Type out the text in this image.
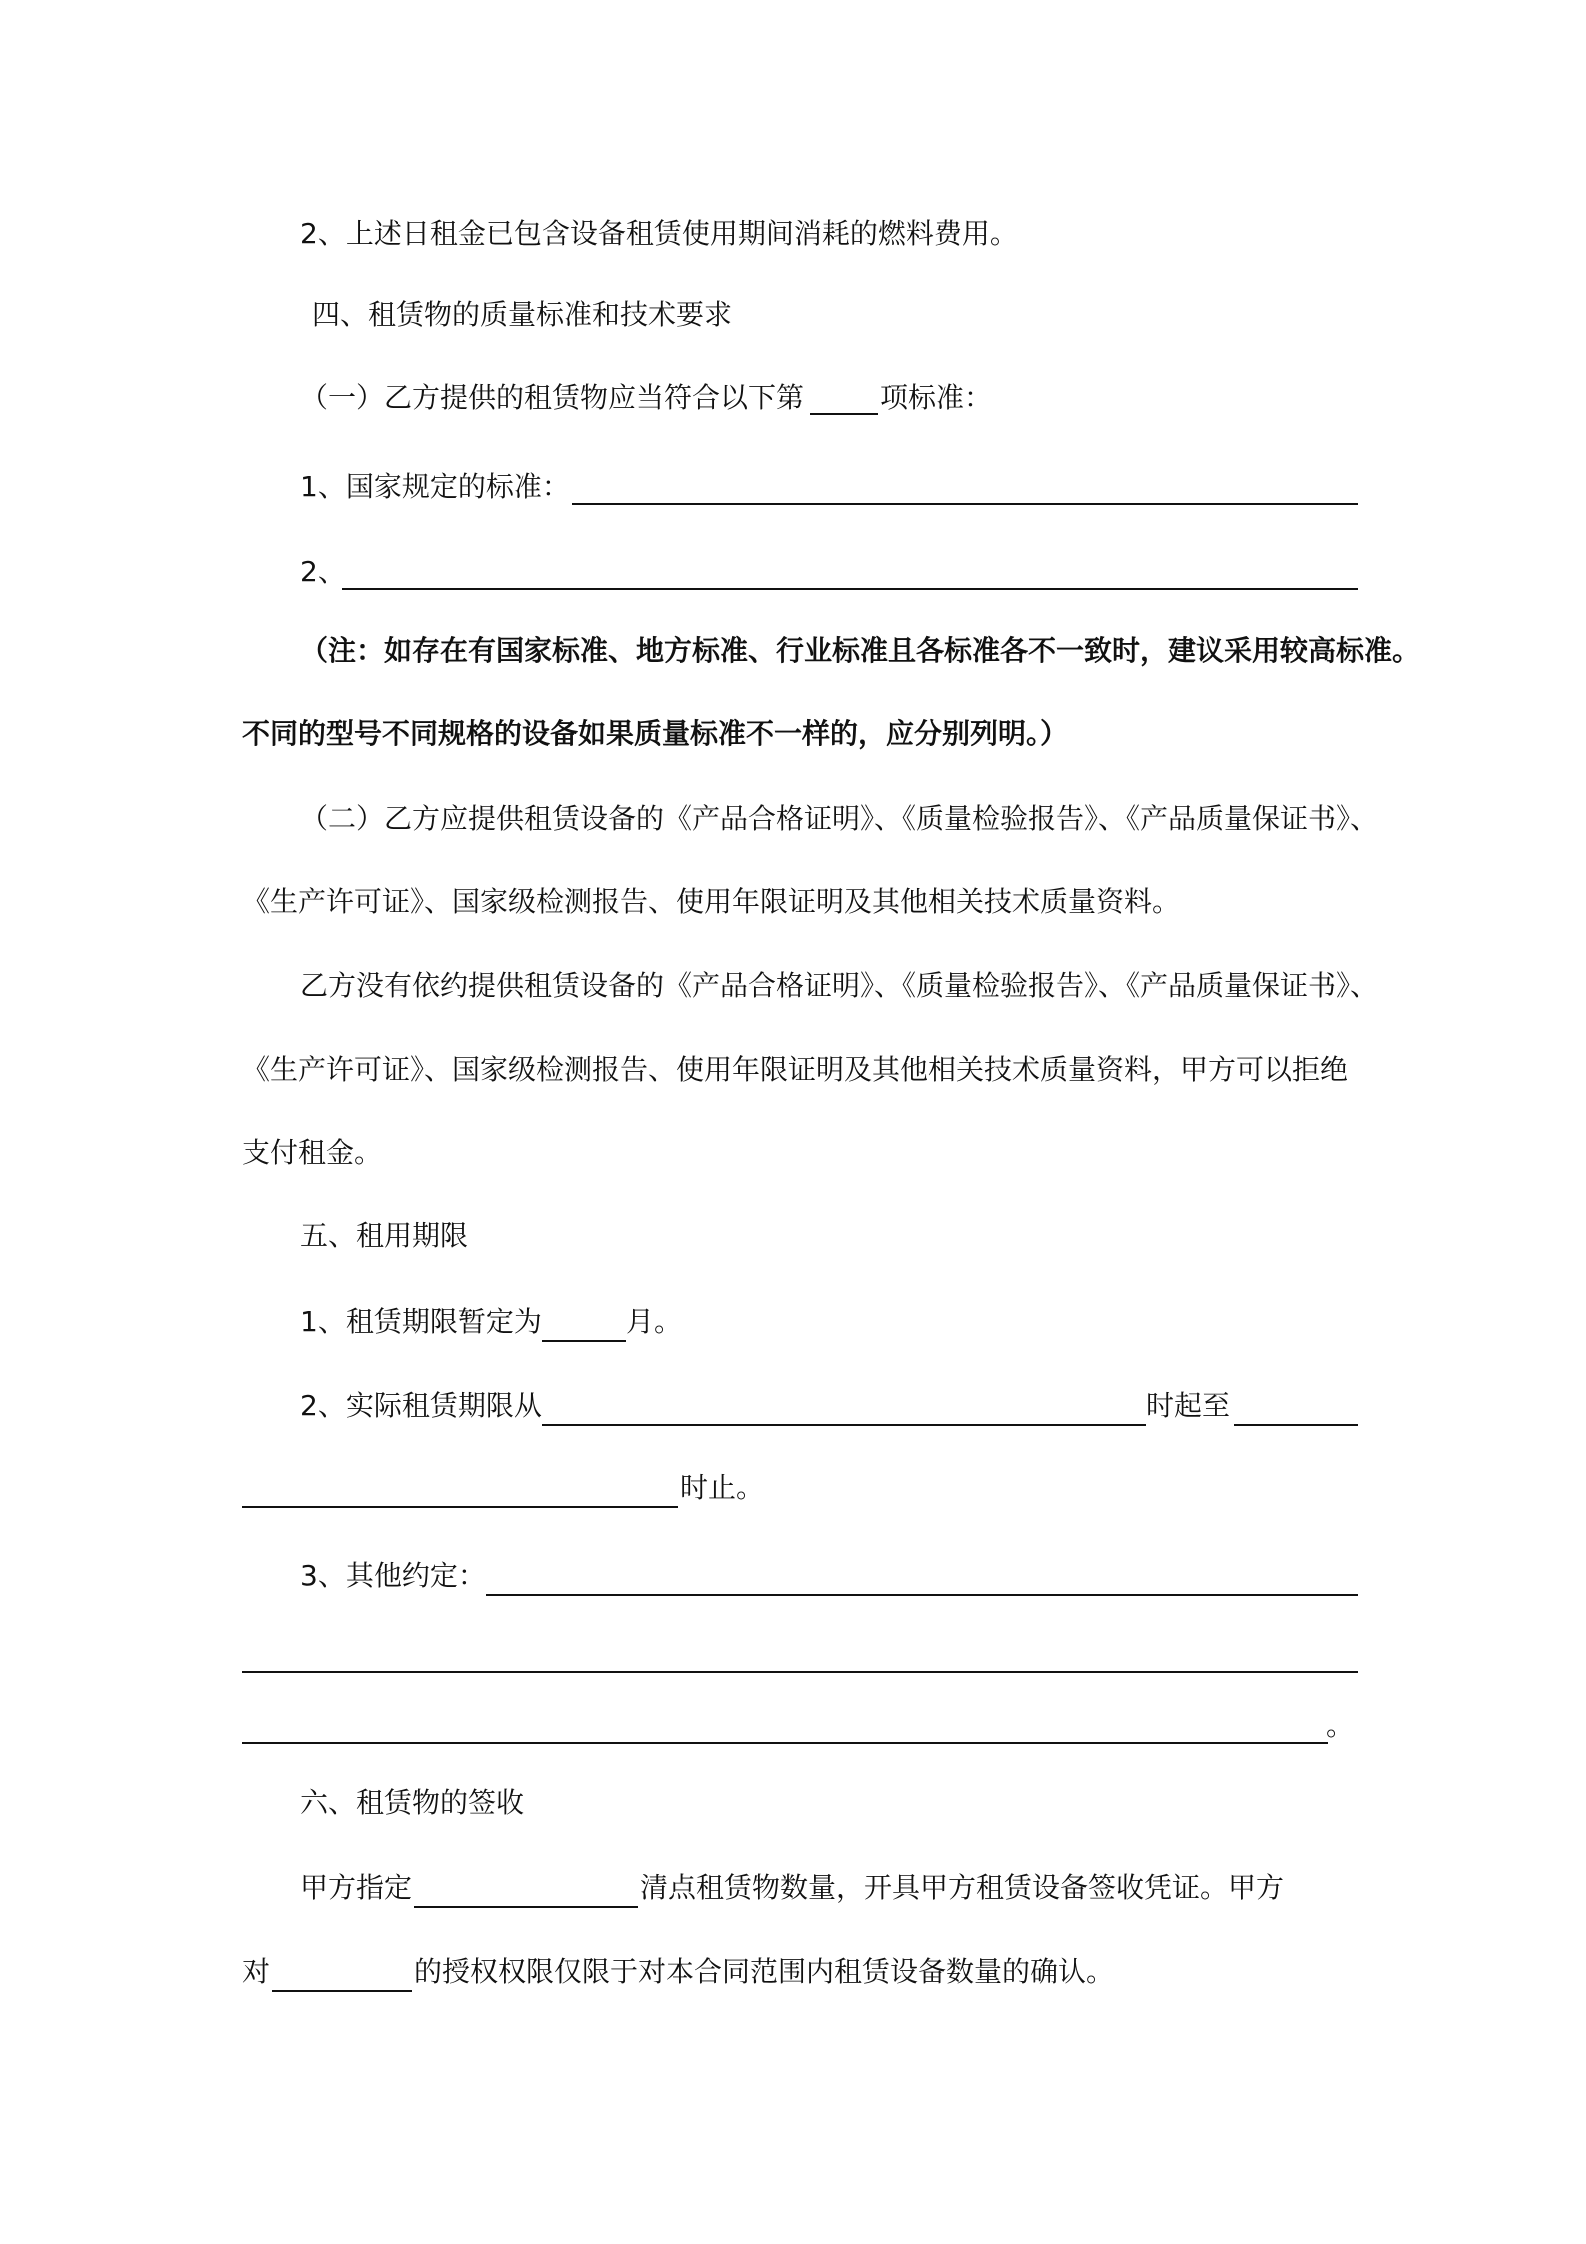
2、上述日租金已包含设备租赁使用期间消耗的燃料费用。
四、租赁物的质量标准和技术要求
（一）乙方提供的租赁物应当符合以下第	项标准：
1、国家规定的标准：
2、
（注：如存在有国家标准、地方标准、行业标准且各标准各不一致时，建议采用较高标准。
不同的型号不同规格的设备如果质量标准不一样的，应分别列明。）
（二）乙方应提供租赁设备的《产品合格证明》、《质量检验报告》、《产品质量保证书》、
《生产许可证》、国家级检测报告、使用年限证明及其他相关技术质量资料。
乙方没有依约提供租赁设备的《产品合格证明》、《质量检验报告》、《产品质量保证书》、
《生产许可证》、国家级检测报告、使用年限证明及其他相关技术质量资料，甲方可以拒绝
支付租金。
五、租用期限
1、租赁期限暂定为	月。
2、实际租赁期限从	时起至
时止。
3、其他约定：
。
六、租赁物的签收
甲方指定	清点租赁物数量，开具甲方租赁设备签收凭证。甲方
对	的授权权限仅限于对本合同范围内租赁设备数量的确认。
